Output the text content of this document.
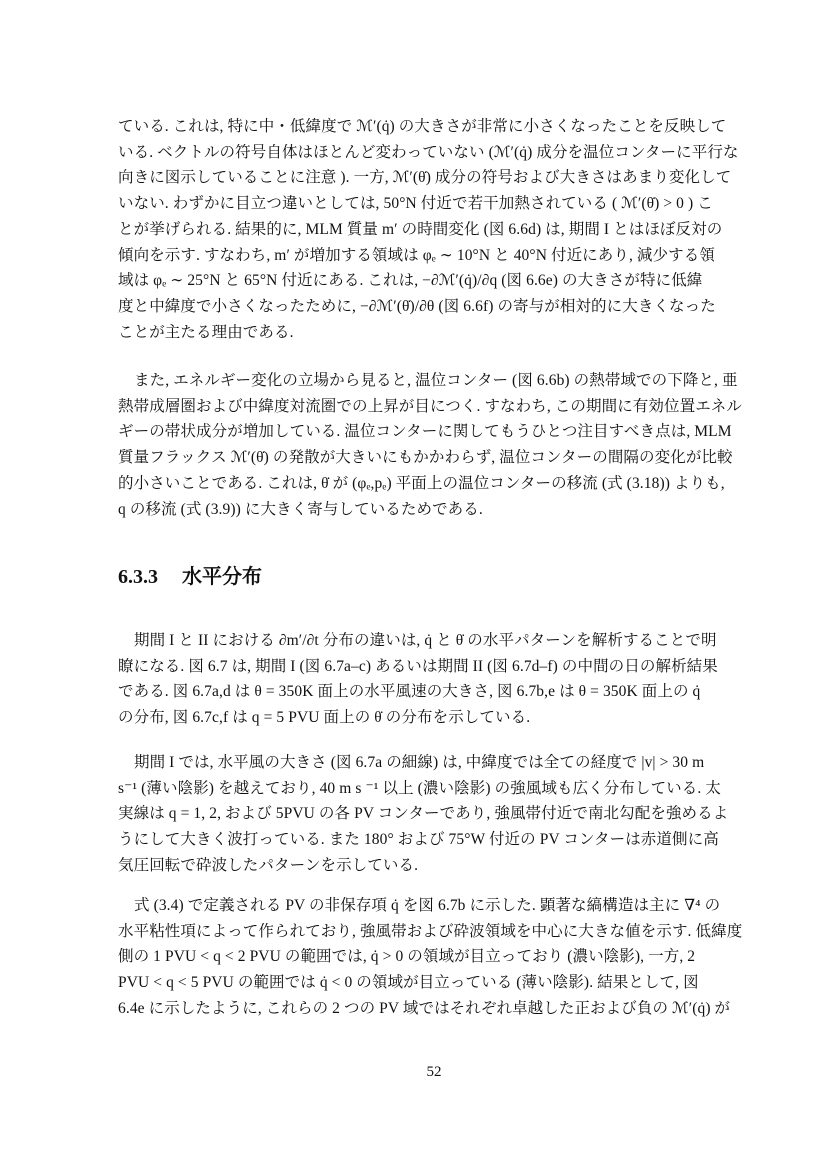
ている. これは, 特に中・低緯度で ℳ′(q̇) の大きさが非常に小さくなったことを反映して
いる. ベクトルの符号自体はほとんど変わっていない (ℳ′(q̇) 成分を温位コンターに平行な
向きに図示していることに注意 ). 一方, ℳ′(θ̇) 成分の符号および大きさはあまり変化して
いない. わずかに目立つ違いとしては, 50°N 付近で若干加熱されている ( ℳ′(θ̇) > 0 ) こ
とが挙げられる. 結果的に, MLM 質量 m′ の時間変化 (図 6.6d) は, 期間 I とはほぼ反対の
傾向を示す. すなわち, m′ が増加する領域は φₑ ∼ 10°N と 40°N 付近にあり, 減少する領
域は φₑ ∼ 25°N と 65°N 付近にある. これは, −∂ℳ′(q̇)/∂q (図 6.6e) の大きさが特に低緯
度と中緯度で小さくなったために, −∂ℳ′(θ̇)/∂θ (図 6.6f) の寄与が相対的に大きくなった
ことが主たる理由である.
また, エネルギー変化の立場から見ると, 温位コンター (図 6.6b) の熱帯域での下降と, 亜
熱帯成層圏および中緯度対流圏での上昇が目につく. すなわち, この期間に有効位置エネル
ギーの帯状成分が増加している. 温位コンターに関してもうひとつ注目すべき点は, MLM
質量フラックス ℳ′(θ̇) の発散が大きいにもかかわらず, 温位コンターの間隔の変化が比較
的小さいことである. これは, θ̇ が (φₑ,pₑ) 平面上の温位コンターの移流 (式 (3.18)) よりも,
q の移流 (式 (3.9)) に大きく寄与しているためである.
6.3.3 水平分布
期間 I と II における ∂m′/∂t 分布の違いは, q̇ と θ̇ の水平パターンを解析することで明
瞭になる. 図 6.7 は, 期間 I (図 6.7a–c) あるいは期間 II (図 6.7d–f) の中間の日の解析結果
である. 図 6.7a,d は θ = 350K 面上の水平風速の大きさ, 図 6.7b,e は θ = 350K 面上の q̇
の分布, 図 6.7c,f は q = 5 PVU 面上の θ̇ の分布を示している.
期間 I では, 水平風の大きさ (図 6.7a の細線) は, 中緯度では全ての経度で |v| > 30 m
s⁻¹ (薄い陰影) を越えており, 40 m s ⁻¹ 以上 (濃い陰影) の強風域も広く分布している. 太
実線は q = 1, 2, および 5PVU の各 PV コンターであり, 強風帯付近で南北勾配を強めるよ
うにして大きく波打っている. また 180° および 75°W 付近の PV コンターは赤道側に高
気圧回転で砕波したパターンを示している.
式 (3.4) で定義される PV の非保存項 q̇ を図 6.7b に示した. 顕著な縞構造は主に ∇⁴ の
水平粘性項によって作られており, 強風帯および砕波領域を中心に大きな値を示す. 低緯度
側の 1 PVU < q < 2 PVU の範囲では, q̇ > 0 の領域が目立っており (濃い陰影), 一方, 2
PVU < q < 5 PVU の範囲では q̇ < 0 の領域が目立っている (薄い陰影). 結果として, 図
6.4e に示したように, これらの 2 つの PV 域ではそれぞれ卓越した正および負の ℳ′(q̇) が
52
